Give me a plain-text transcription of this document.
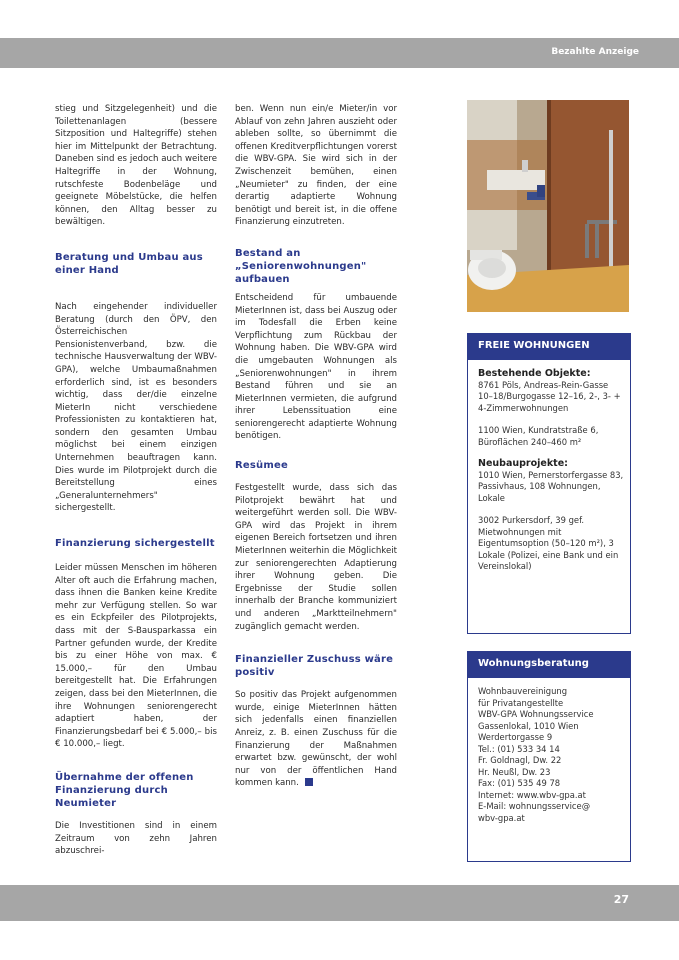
Bezahlte Anzeige

stieg und Sitzgelegenheit) und die Toilettenanlagen (bessere Sitzposition und Haltegriffe) stehen hier im Mittelpunkt der Betrachtung. Daneben sind es jedoch auch weitere Haltegriffe in der Wohnung, rutschfeste Bodenbeläge und geeignete Möbelstücke, die helfen können, den Alltag besser zu bewältigen.

Beratung und Umbau aus einer Hand

Nach eingehender individueller Beratung (durch den ÖPV, den Österreichischen Pensionistenverband, bzw. die technische Hausverwaltung der WBV-GPA), welche Umbaumaßnahmen erforderlich sind, ist es besonders wichtig, dass der/die einzelne MieterIn nicht verschiedene Professionisten zu kontaktieren hat, sondern den gesamten Umbau möglichst bei einem einzigen Unternehmen beauftragen kann. Dies wurde im Pilotprojekt durch die Bereitstellung eines „Generalunternehmers" sichergestellt.

Finanzierung sichergestellt

Leider müssen Menschen im höheren Alter oft auch die Erfahrung machen, dass ihnen die Banken keine Kredite mehr zur Verfügung stellen. So war es ein Eckpfeiler des Pilotprojekts, dass mit der S-Bausparkassa ein Partner gefunden wurde, der Kredite bis zu einer Höhe von max. € 15.000,– für den Umbau bereitgestellt hat. Die Erfahrungen zeigen, dass bei den MieterInnen, die ihre Wohnungen seniorengerecht adaptiert haben, der Finanzierungsbedarf bei € 5.000,– bis € 10.000,– liegt.

Übernahme der offenen Finanzierung durch Neumieter

Die Investitionen sind in einem Zeitraum von zehn Jahren abzuschrei-

ben. Wenn nun ein/e Mieter/in vor Ablauf von zehn Jahren auszieht oder ableben sollte, so übernimmt die offenen Kreditverpflichtungen vorerst die WBV-GPA. Sie wird sich in der Zwischenzeit bemühen, einen „Neumieter" zu finden, der eine derartig adaptierte Wohnung benötigt und bereit ist, in die offene Finanzierung einzutreten.

Bestand an „Seniorenwohnungen" aufbauen

Entscheidend für umbauende MieterInnen ist, dass bei Auszug oder im Todesfall die Erben keine Verpflichtung zum Rückbau der Wohnung haben. Die WBV-GPA wird die umgebauten Wohnungen als „Seniorenwohnungen" in ihrem Bestand führen und sie an MieterInnen vermieten, die aufgrund ihrer Lebenssituation eine seniorengerecht adaptierte Wohnung benötigen.

Resümee

Festgestellt wurde, dass sich das Pilotprojekt bewährt hat und weitergeführt werden soll. Die WBV-GPA wird das Projekt in ihrem eigenen Bereich fortsetzen und ihren MieterInnen weiterhin die Möglichkeit zur seniorengerechten Adaptierung ihrer Wohnung geben. Die Ergebnisse der Studie sollen innerhalb der Branche kommuniziert und anderen „Marktteilnehmern" zugänglich gemacht werden.

Finanzieller Zuschuss wäre positiv

So positiv das Projekt aufgenommen wurde, einige MieterInnen hätten sich jedenfalls einen finanziellen Anreiz, z. B. einen Zuschuss für die Finanzierung der Maßnahmen erwartet bzw. gewünscht, der wohl nur von der öffentlichen Hand kommen kann.

FREIE WOHNUNGEN

Bestehende Objekte:

8761 Pöls, Andreas-Rein-Gasse 10–18/Burgogasse 12–16, 2-, 3- + 4-Zimmerwohnungen

1100 Wien, Kundratstraße 6, Büroflächen 240–460 m²

Neubauprojekte:

1010 Wien, Pernerstorfergasse 83, Passivhaus, 108 Wohnungen, Lokale

3002 Purkersdorf, 39 gef. Mietwohnungen mit Eigentumsoption (50–120 m²), 3 Lokale (Polizei, eine Bank und ein Vereinslokal)

Wohnungsberatung

Wohnbauvereinigung

für Privatangestellte

WBV-GPA Wohnungsservice

Gassenlokal, 1010 Wien

Werdertorgasse 9

Tel.: (01) 533 34 14

Fr. Goldnagl, Dw. 22

Hr. Neußl, Dw. 23

Fax: (01) 535 49 78

Internet: www.wbv-gpa.at

E-Mail: wohnungsservice@

wbv-gpa.at

27
